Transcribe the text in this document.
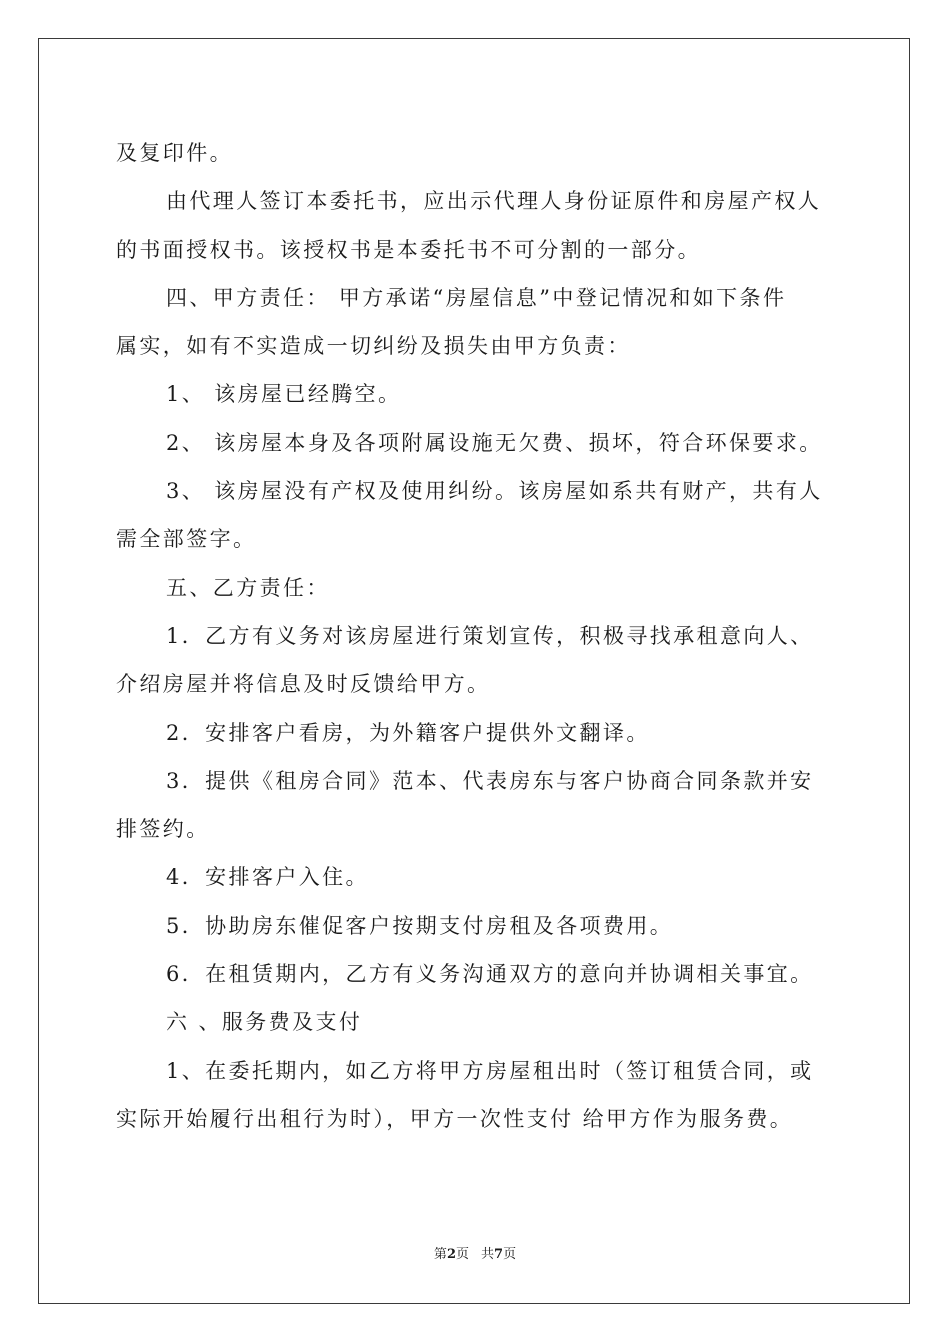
及复印件。
由代理人签订本委托书，应出示代理人身份证原件和房屋产权人
的书面授权书。该授权书是本委托书不可分割的一部分。
四、甲方责任： 甲方承诺“房屋信息”中登记情况和如下条件
属实，如有不实造成一切纠纷及损失由甲方负责：
1、 该房屋已经腾空。
2、 该房屋本身及各项附属设施无欠费、损坏，符合环保要求。
3、 该房屋没有产权及使用纠纷。该房屋如系共有财产，共有人
需全部签字。
五、乙方责任：
1．乙方有义务对该房屋进行策划宣传，积极寻找承租意向人、
介绍房屋并将信息及时反馈给甲方。
2．安排客户看房，为外籍客户提供外文翻译。
3．提供《租房合同》范本、代表房东与客户协商合同条款并安
排签约。
4．安排客户入住。
5．协助房东催促客户按期支付房租及各项费用。
6．在租赁期内，乙方有义务沟通双方的意向并协调相关事宜。
六 、服务费及支付
1、在委托期内，如乙方将甲方房屋租出时（签订租赁合同，或
实际开始履行出租行为时），甲方一次性支付 给甲方作为服务费。
第2页 共7页
